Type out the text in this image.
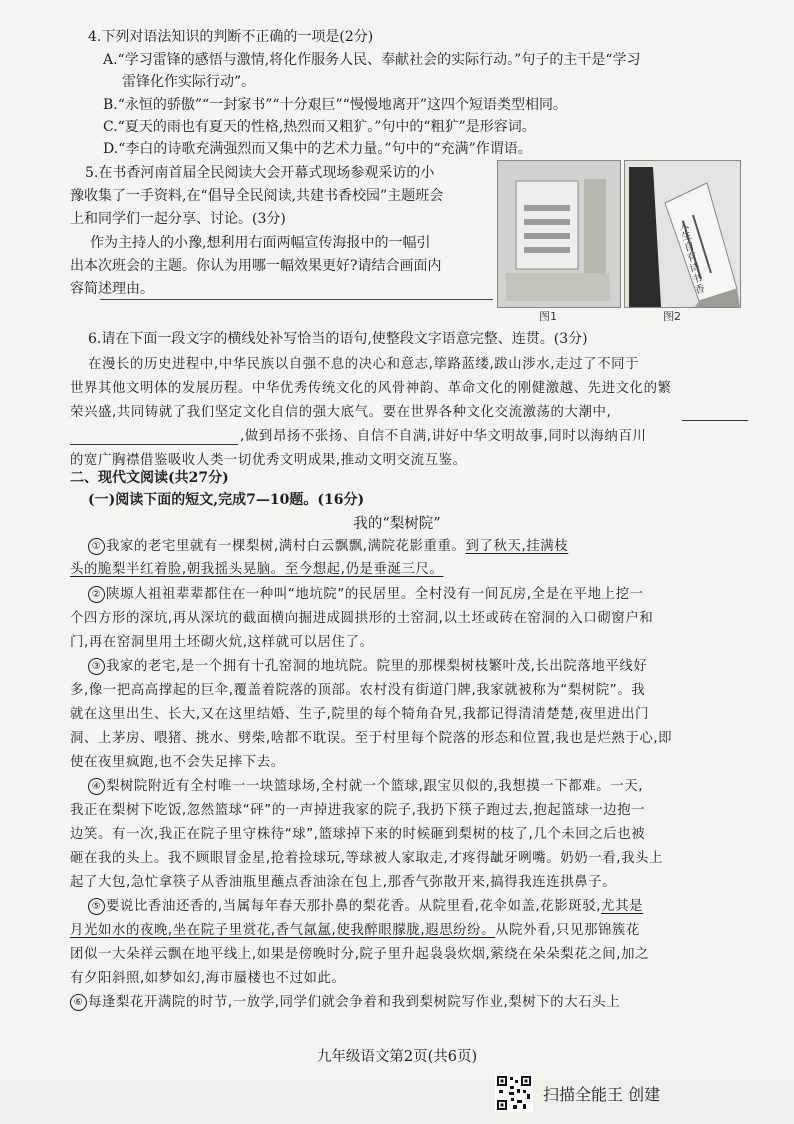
4.下列对语法知识的判断不正确的一项是(2分)
A.“学习雷锋的感悟与激情,将化作服务人民、奉献社会的实际行动。”句子的主干是“学习
雷锋化作实际行动”。
B.“永恒的骄傲”“一封家书”“十分艰巨”“慢慢地离开”这四个短语类型相同。
C.“夏天的雨也有夏天的性格,热烈而又粗犷。”句中的“粗犷”是形容词。
D.“李白的诗歌充满强烈而又集中的艺术力量。”句中的“充满”作谓语。
5.在书香河南首届全民阅读大会开幕式现场参观采访的小
豫收集了一手资料,在“倡导全民阅读,共建书香校园”主题班会
上和同学们一起分享、讨论。(3分)
作为主持人的小豫,想利用右面两幅宣传海报中的一幅引
出本次班会的主题。你认为用哪一幅效果更好?请结合画面内
容简述理由。
图1
人生自有诗书香
图2
6.请在下面一段文字的横线处补写恰当的语句,使整段文字语意完整、连贯。(3分)
在漫长的历史进程中,中华民族以自强不息的决心和意志,筚路蓝缕,跋山涉水,走过了不同于
世界其他文明体的发展历程。中华优秀传统文化的风骨神韵、革命文化的刚健激越、先进文化的繁
荣兴盛,共同铸就了我们坚定文化自信的强大底气。要在世界各种文化交流激荡的大潮中,
,做到昂扬不张扬、自信不自满,讲好中华文明故事,同时以海纳百川
的宽广胸襟借鉴吸收人类一切优秀文明成果,推动文明交流互鉴。
二、现代文阅读(共27分)
(一)阅读下面的短文,完成7—10题。(16分)
我的“梨树院”
① 我家的老宅里就有一棵梨树,满村白云飘飘,满院花影重重。到了秋天,挂满枝
头的脆梨半红着脸,朝我摇头晃脑。至今想起,仍是垂涎三尺。
② 陕塬人祖祖辈辈都住在一种叫“地坑院”的民居里。全村没有一间瓦房,全是在平地上挖一
个四方形的深坑,再从深坑的截面横向掘进成圆拱形的土窑洞,以土坯或砖在窑洞的入口砌窗户和
门,再在窑洞里用土坯砌火炕,这样就可以居住了。
③ 我家的老宅,是一个拥有十孔窑洞的地坑院。院里的那棵梨树枝繁叶茂,长出院落地平线好
多,像一把高高撑起的巨伞,覆盖着院落的顶部。农村没有街道门牌,我家就被称为“梨树院”。我
就在这里出生、长大,又在这里结婚、生子,院里的每个犄角旮旯,我都记得清清楚楚,夜里进出门
洞、上茅房、喂猪、挑水、劈柴,啥都不耽误。至于村里每个院落的形态和位置,我也是烂熟于心,即
使在夜里疯跑,也不会失足摔下去。
④ 梨树院附近有全村唯一一块篮球场,全村就一个篮球,跟宝贝似的,我想摸一下都难。一天,
我正在梨树下吃饭,忽然篮球“砰”的一声掉进我家的院子,我扔下筷子跑过去,抱起篮球一边抱一
边笑。有一次,我正在院子里守株待“球”,篮球掉下来的时候砸到梨树的枝了,几个未回之后也被
砸在我的头上。我不顾眼冒金星,抢着捡球玩,等球被人家取走,才疼得龇牙咧嘴。奶奶一看,我头上
起了大包,急忙拿筷子从香油瓶里蘸点香油涂在包上,那香气弥散开来,搞得我连连拱鼻子。
⑤ 要说比香油还香的,当属每年春天那扑鼻的梨花香。从院里看,花伞如盖,花影斑驳,尤其是
月光如水的夜晚,坐在院子里赏花,香气氤氲,使我醉眼朦胧,遐思纷纷。从院外看,只见那锦簇花
团似一大朵祥云飘在地平线上,如果是傍晚时分,院子里升起袅袅炊烟,萦绕在朵朵梨花之间,加之
有夕阳斜照,如梦如幻,海市蜃楼也不过如此。
⑥ 每逢梨花开满院的时节,一放学,同学们就会争着和我到梨树院写作业,梨树下的大石头上
九年级语文第2页(共6页)
扫描全能王 创建
